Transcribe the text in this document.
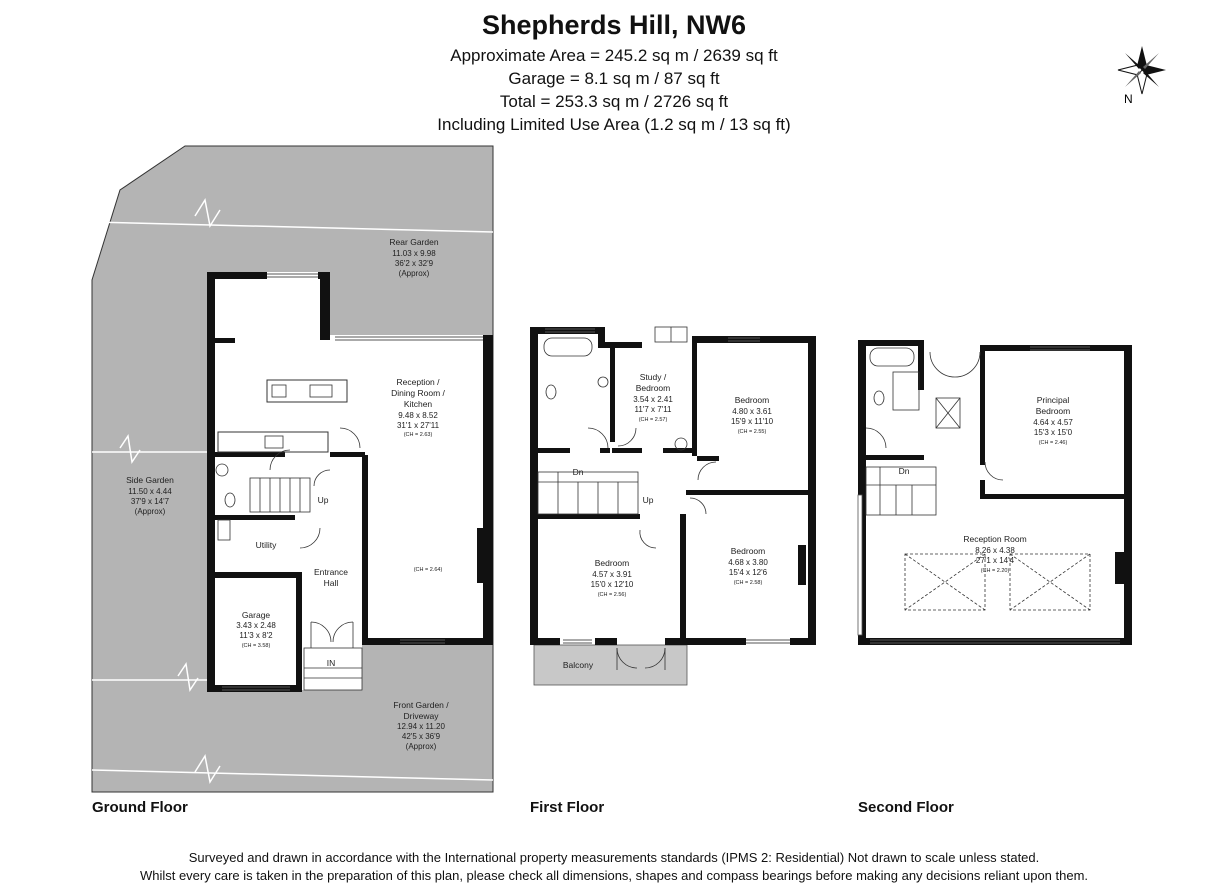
Shepherds Hill, NW6
Approximate Area = 245.2 sq m / 2639 sq ft
Garage = 8.1 sq m / 87 sq ft
Total = 253.3 sq m / 2726 sq ft
Including Limited Use Area (1.2 sq m / 13 sq ft)
N
Rear Garden
11.03 x 9.98
36'2 x 32'9
(Approx)
Side Garden
11.50 x 4.44
37'9 x 14'7
(Approx)
Front Garden /
Driveway
12.94 x 11.20
42'5 x 36'9
(Approx)
Reception /
Dining Room /
Kitchen
9.48 x 8.52
31'1 x 27'11
(CH = 2.63)
(CH = 2.64)
Utility
Entrance
Hall
Up
Garage
3.43 x 2.48
11'3 x 8'2
(CH = 3.58)
IN
Study /
Bedroom
3.54 x 2.41
11'7 x 7'11
(CH = 2.57)
Bedroom
4.80 x 3.61
15'9 x 11'10
(CH = 2.55)
Bedroom
4.57 x 3.91
15'0 x 12'10
(CH = 2.56)
Bedroom
4.68 x 3.80
15'4 x 12'6
(CH = 2.58)
Balcony
Dn
Up
Principal
Bedroom
4.64 x 4.57
15'3 x 15'0
(CH = 2.46)
Reception Room
8.26 x 4.38
27'1 x 14'4
(CH = 2.20)
Dn
Ground Floor	First Floor	Second Floor
Surveyed and drawn in accordance with the International property measurements standards (IPMS 2: Residential) Not drawn to scale unless stated.
Whilst every care is taken in the preparation of this plan, please check all dimensions, shapes and compass bearings before making any decisions reliant upon them.
